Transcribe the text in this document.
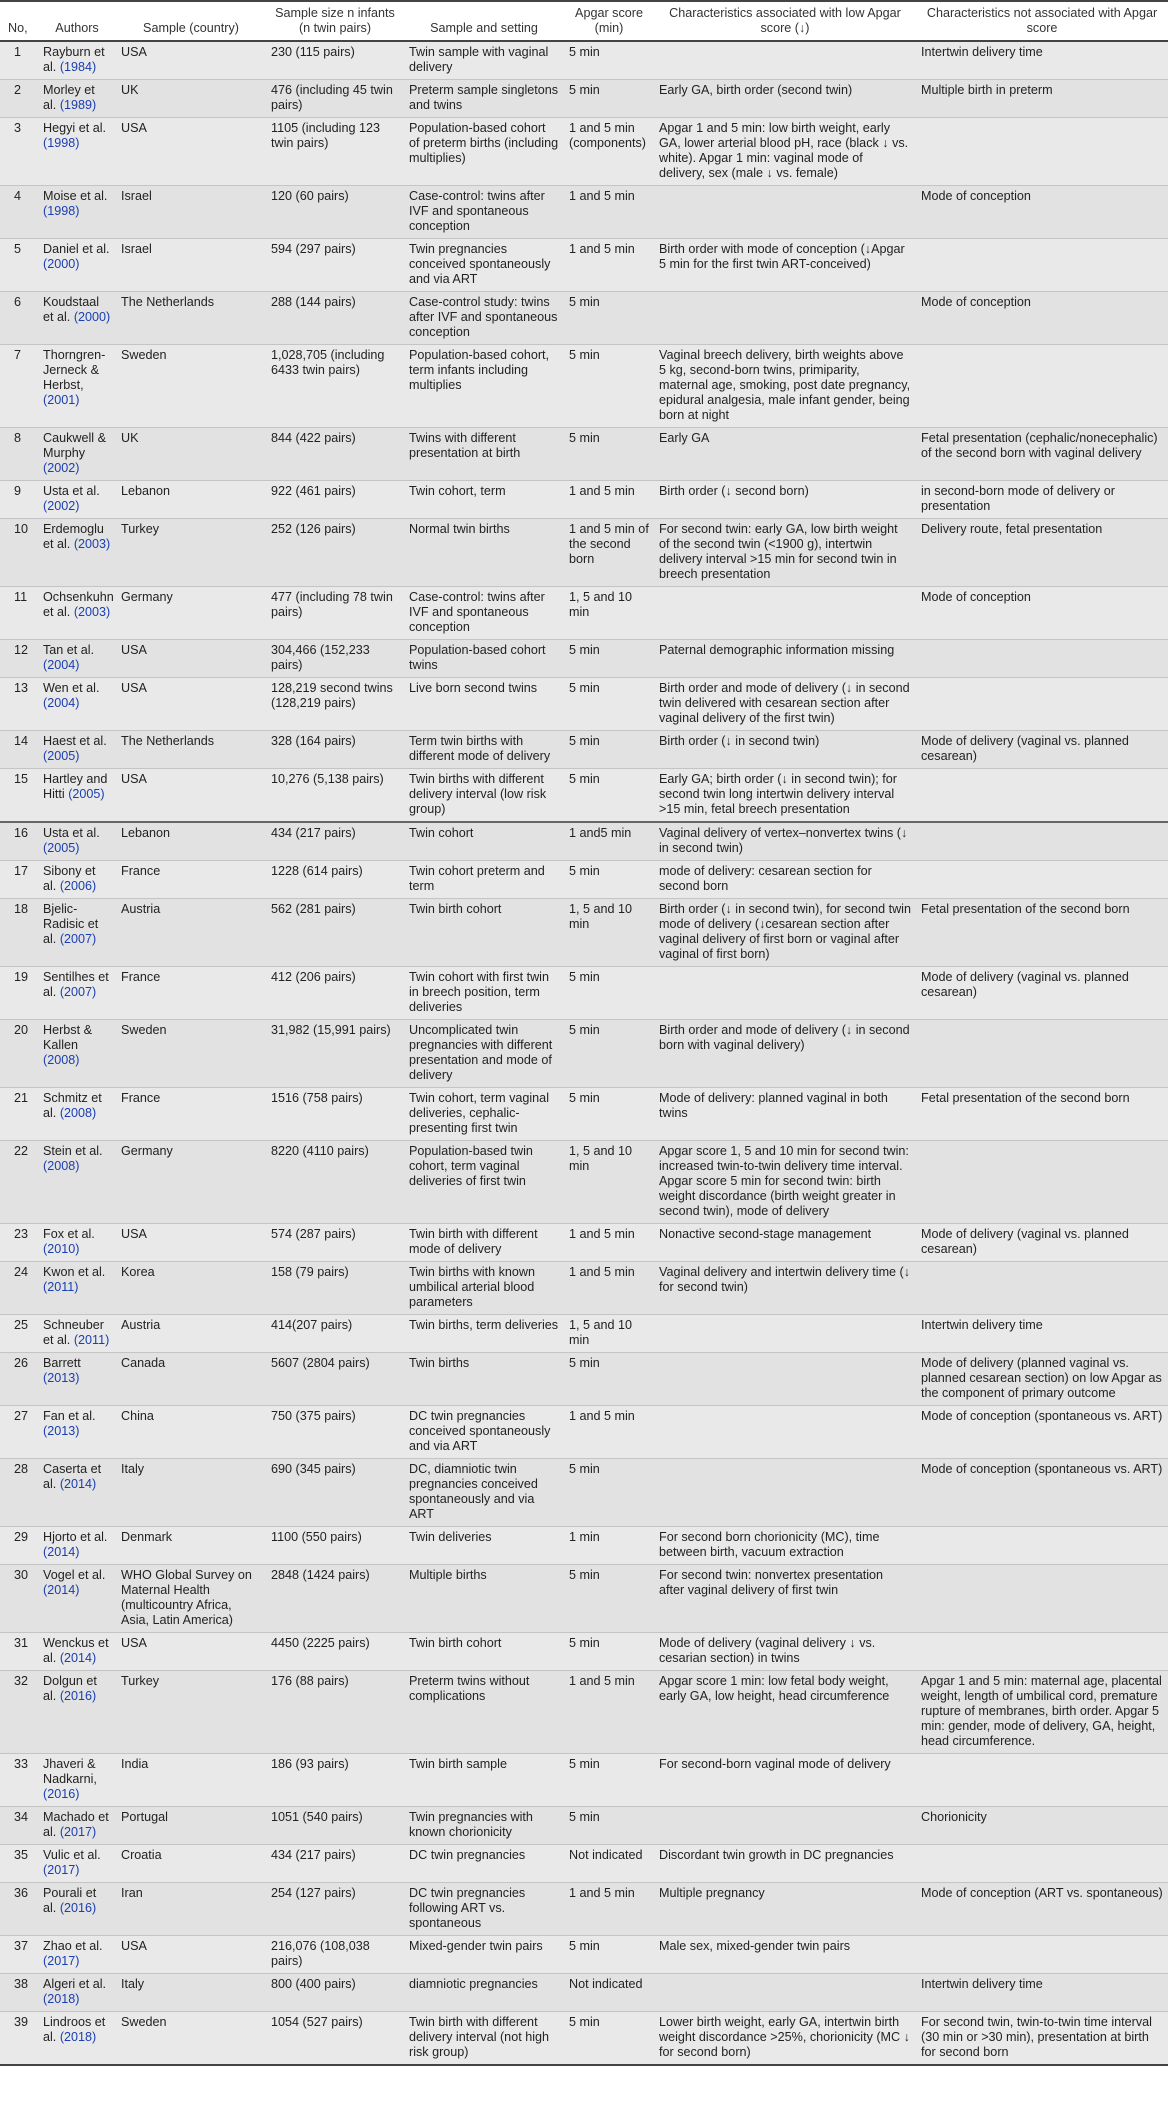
No,	Authors	Sample (country)	Sample size n infants (n twin pairs)	Sample and setting	Apgar score (min)	Characteristics associated with low Apgar score (↓)	Characteristics not associated with Apgar score
1	Rayburn et al. (1984)	USA	230 (115 pairs)	Twin sample with vaginal delivery	5 min		Intertwin delivery time
2	Morley et al. (1989)	UK	476 (including 45 twin pairs)	Preterm sample singletons and twins	5 min	Early GA, birth order (second twin)	Multiple birth in preterm
3	Hegyi et al. (1998)	USA	1105 (including 123 twin pairs)	Population-based cohort of preterm births (including multiplies)	1 and 5 min (components)	Apgar 1 and 5 min: low birth weight, early GA, lower arterial blood pH, race (black ↓ vs. white). Apgar 1 min: vaginal mode of delivery, sex (male ↓ vs. female)	
4	Moise et al. (1998)	Israel	120 (60 pairs)	Case-control: twins after IVF and spontaneous conception	1 and 5 min		Mode of conception
5	Daniel et al. (2000)	Israel	594 (297 pairs)	Twin pregnancies conceived spontaneously and via ART	1 and 5 min	Birth order with mode of conception (↓Apgar 5 min for the first twin ART-conceived)	
6	Koudstaal et al. (2000)	The Netherlands	288 (144 pairs)	Case-control study: twins after IVF and spontaneous conception	5 min		Mode of conception
7	Thorngren-Jerneck & Herbst, (2001)	Sweden	1,028,705 (including 6433 twin pairs)	Population-based cohort, term infants including multiplies	5 min	Vaginal breech delivery, birth weights above 5 kg, second-born twins, primiparity, maternal age, smoking, post date pregnancy, epidural analgesia, male infant gender, being born at night	
8	Caukwell & Murphy (2002)	UK	844 (422 pairs)	Twins with different presentation at birth	5 min	Early GA	Fetal presentation (cephalic/nonecephalic) of the second born with vaginal delivery
9	Usta et al. (2002)	Lebanon	922 (461 pairs)	Twin cohort, term	1 and 5 min	Birth order (↓ second born)	in second-born mode of delivery or presentation
10	Erdemoglu et al. (2003)	Turkey	252 (126 pairs)	Normal twin births	1 and 5 min of the second born	For second twin: early GA, low birth weight of the second twin (<1900 g), intertwin delivery interval >15 min for second twin in breech presentation	Delivery route, fetal presentation
11	Ochsenkuhn et al. (2003)	Germany	477 (including 78 twin pairs)	Case-control: twins after IVF and spontaneous conception	1, 5 and 10 min		Mode of conception
12	Tan et al. (2004)	USA	304,466 (152,233 pairs)	Population-based cohort twins	5 min	Paternal demographic information missing	
13	Wen et al. (2004)	USA	128,219 second twins (128,219 pairs)	Live born second twins	5 min	Birth order and mode of delivery (↓ in second twin delivered with cesarean section after vaginal delivery of the first twin)	
14	Haest et al. (2005)	The Netherlands	328 (164 pairs)	Term twin births with different mode of delivery	5 min	Birth order (↓ in second twin)	Mode of delivery (vaginal vs. planned cesarean)
15	Hartley and Hitti (2005)	USA	10,276 (5,138 pairs)	Twin births with different delivery interval (low risk group)	5 min	Early GA; birth order (↓ in second twin); for second twin long intertwin delivery interval >15 min, fetal breech presentation	
16	Usta et al. (2005)	Lebanon	434 (217 pairs)	Twin cohort	1 and5 min	Vaginal delivery of vertex–nonvertex twins (↓ in second twin)	
17	Sibony et al. (2006)	France	1228 (614 pairs)	Twin cohort preterm and term	5 min	mode of delivery: cesarean section for second born	
18	Bjelic-Radisic et al. (2007)	Austria	562 (281 pairs)	Twin birth cohort	1, 5 and 10 min	Birth order (↓ in second twin), for second twin mode of delivery (↓cesarean section after vaginal delivery of first born or vaginal after vaginal of first born)	Fetal presentation of the second born
19	Sentilhes et al. (2007)	France	412 (206 pairs)	Twin cohort with first twin in breech position, term deliveries	5 min		Mode of delivery (vaginal vs. planned cesarean)
20	Herbst & Kallen (2008)	Sweden	31,982 (15,991 pairs)	Uncomplicated twin pregnancies with different presentation and mode of delivery	5 min	Birth order and mode of delivery (↓ in second born with vaginal delivery)	
21	Schmitz et al. (2008)	France	1516 (758 pairs)	Twin cohort, term vaginal deliveries, cephalic-presenting first twin	5 min	Mode of delivery: planned vaginal in both twins	Fetal presentation of the second born
22	Stein et al. (2008)	Germany	8220 (4110 pairs)	Population-based twin cohort, term vaginal deliveries of first twin	1, 5 and 10 min	Apgar score 1, 5 and 10 min for second twin: increased twin-to-twin delivery time interval. Apgar score 5 min for second twin: birth weight discordance (birth weight greater in second twin), mode of delivery	
23	Fox et al. (2010)	USA	574 (287 pairs)	Twin birth with different mode of delivery	1 and 5 min	Nonactive second-stage management	Mode of delivery (vaginal vs. planned cesarean)
24	Kwon et al. (2011)	Korea	158 (79 pairs)	Twin births with known umbilical arterial blood parameters	1 and 5 min	Vaginal delivery and intertwin delivery time (↓ for second twin)	
25	Schneuber et al. (2011)	Austria	414(207 pairs)	Twin births, term deliveries	1, 5 and 10 min		Intertwin delivery time
26	Barrett (2013)	Canada	5607 (2804 pairs)	Twin births	5 min		Mode of delivery (planned vaginal vs. planned cesarean section) on low Apgar as the component of primary outcome
27	Fan et al. (2013)	China	750 (375 pairs)	DC twin pregnancies conceived spontaneously and via ART	1 and 5 min		Mode of conception (spontaneous vs. ART)
28	Caserta et al. (2014)	Italy	690 (345 pairs)	DC, diamniotic twin pregnancies conceived spontaneously and via ART	5 min		Mode of conception (spontaneous vs. ART)
29	Hjorto et al. (2014)	Denmark	1100 (550 pairs)	Twin deliveries	1 min	For second born chorionicity (MC), time between birth, vacuum extraction	
30	Vogel et al. (2014)	WHO Global Survey on Maternal Health (multicountry Africa, Asia, Latin America)	2848 (1424 pairs)	Multiple births	5 min	For second twin: nonvertex presentation after vaginal delivery of first twin	
31	Wenckus et al. (2014)	USA	4450 (2225 pairs)	Twin birth cohort	5 min	Mode of delivery (vaginal delivery ↓ vs. cesarian section) in twins	
32	Dolgun et al. (2016)	Turkey	176 (88 pairs)	Preterm twins without complications	1 and 5 min	Apgar score 1 min: low fetal body weight, early GA, low height, head circumference	Apgar 1 and 5 min: maternal age, placental weight, length of umbilical cord, premature rupture of membranes, birth order. Apgar 5 min: gender, mode of delivery, GA, height, head circumference.
33	Jhaveri & Nadkarni, (2016)	India	186 (93 pairs)	Twin birth sample	5 min	For second-born vaginal mode of delivery	
34	Machado et al. (2017)	Portugal	1051 (540 pairs)	Twin pregnancies with known chorionicity	5 min		Chorionicity
35	Vulic et al. (2017)	Croatia	434 (217 pairs)	DC twin pregnancies	Not indicated	Discordant twin growth in DC pregnancies	
36	Pourali et al. (2016)	Iran	254 (127 pairs)	DC twin pregnancies following ART vs. spontaneous	1 and 5 min	Multiple pregnancy	Mode of conception (ART vs. spontaneous)
37	Zhao et al. (2017)	USA	216,076 (108,038 pairs)	Mixed-gender twin pairs	5 min	Male sex, mixed-gender twin pairs	
38	Algeri et al. (2018)	Italy	800 (400 pairs)	diamniotic pregnancies	Not indicated		Intertwin delivery time
39	Lindroos et al. (2018)	Sweden	1054 (527 pairs)	Twin birth with different delivery interval (not high risk group)	5 min	Lower birth weight, early GA, intertwin birth weight discordance >25%, chorionicity (MC ↓ for second born)	For second twin, twin-to-twin time interval (30 min or >30 min), presentation at birth for second born
